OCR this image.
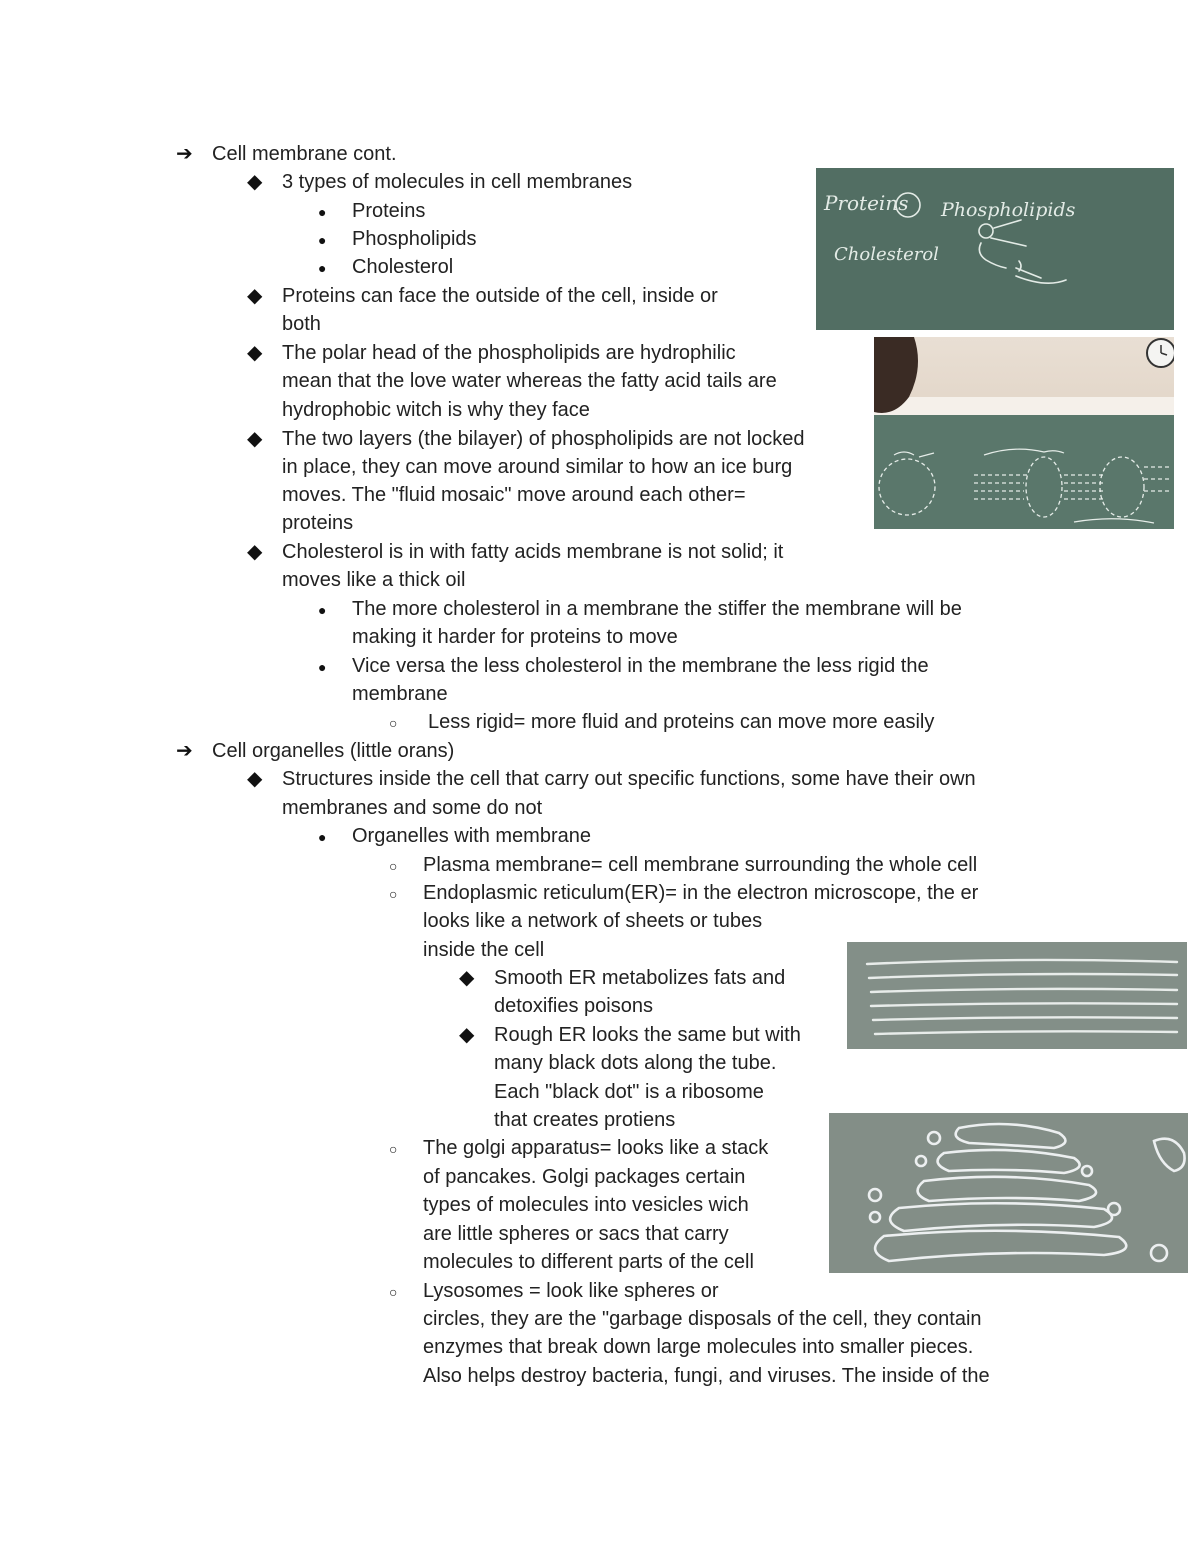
➔ Cell membrane cont.
◆ 3 types of molecules in cell membranes
● Proteins
● Phospholipids
● Cholesterol
◆ Proteins can face the outside of the cell, inside or
both
◆ The polar head of the phospholipids are hydrophilic
mean that the love water whereas the fatty acid tails are
hydrophobic witch is why they face
◆ The two layers (the bilayer) of phospholipids are not locked
in place, they can move around similar to how an ice burg
moves. The "fluid mosaic" move around each other=
proteins
◆ Cholesterol is in with fatty acids membrane is not solid; it
moves like a thick oil
● The more cholesterol in a membrane the stiffer the membrane will be
making it harder for proteins to move
● Vice versa the less cholesterol in the membrane the less rigid the
membrane
○ Less rigid= more fluid and proteins can move more easily
➔ Cell organelles (little orans)
◆ Structures inside the cell that carry out specific functions, some have their own
membranes and some do not
● Organelles with membrane
○ Plasma membrane= cell membrane surrounding the whole cell
○ Endoplasmic reticulum(ER)= in the electron microscope, the er
looks like a network of sheets or tubes
inside the cell
◆ Smooth ER metabolizes fats and
detoxifies poisons
◆ Rough ER looks the same but with
many black dots along the tube.
Each "black dot" is a ribosome
that creates protiens
○ The golgi apparatus= looks like a stack
of pancakes. Golgi packages certain
types of molecules into vesicles wich
are little spheres or sacs that carry
molecules to different parts of the cell
○ Lysosomes = look like spheres or
circles, they are the "garbage disposals of the cell, they contain
enzymes that break down large molecules into smaller pieces.
Also helps destroy bacteria, fungi, and viruses. The inside of the
Proteins Phospholipids
Cholesterol
